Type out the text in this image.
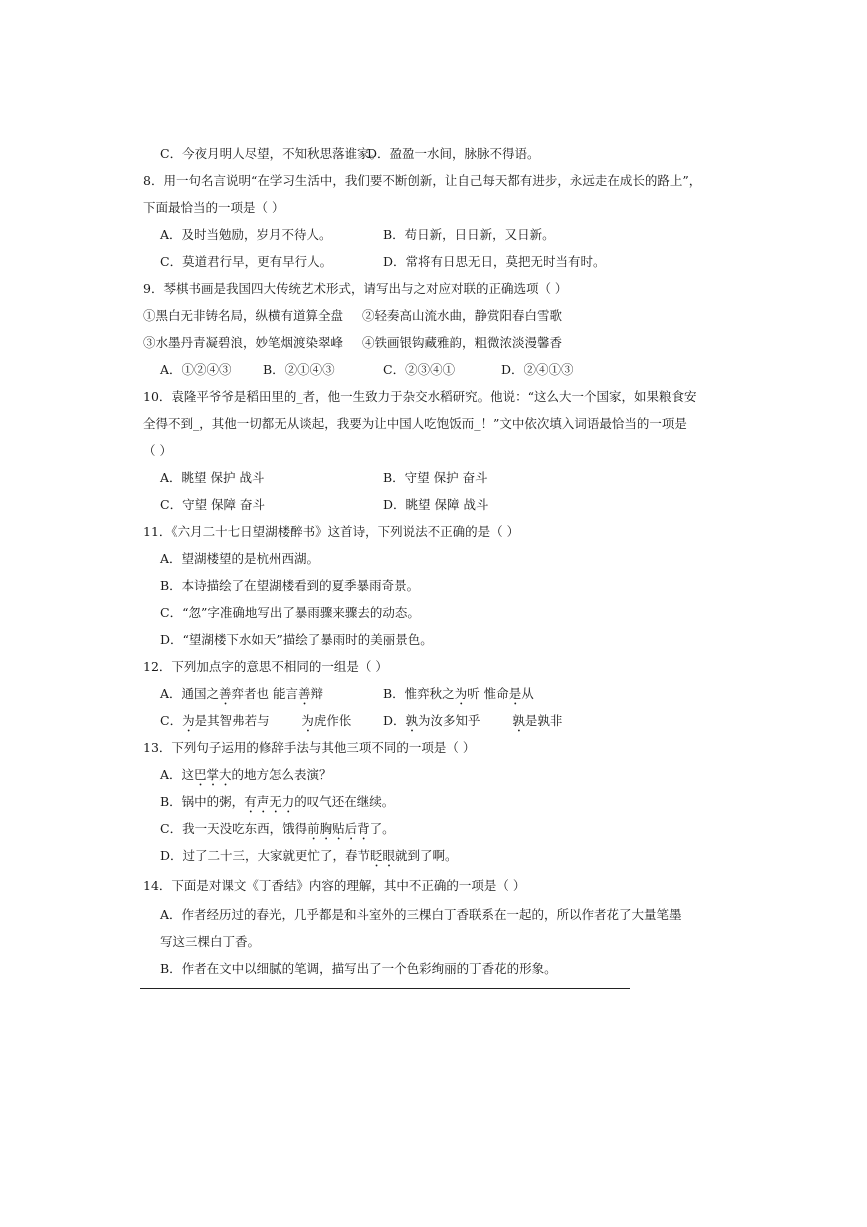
C．今夜月明人尽望，不知秋思落谁家。
D．盈盈一水间，脉脉不得语。
8．用一句名言说明“在学习生活中，我们要不断创新，让自己每天都有进步，永远走在成长的路上”，
下面最恰当的一项是（ ）
A．及时当勉励，岁月不待人。	B．苟日新，日日新，又日新。
C．莫道君行早，更有早行人。	D．常将有日思无日，莫把无时当有时。
9．琴棋书画是我国四大传统艺术形式，请写出与之对应对联的正确选项（ ）
①黑白无非铸名局，纵横有道算全盘 ②轻奏高山流水曲，静赏阳春白雪歌
③水墨丹青凝碧浪，妙笔烟渡染翠峰 ④铁画银钩藏雅韵，粗微浓淡漫馨香
A．①②④③	B．②①④③	C．②③④①	D．②④①③
10．袁隆平爷爷是稻田里的_者，他一生致力于杂交水稻研究。他说：“这么大一个国家，如果粮食安
全得不到_，其他一切都无从谈起，我要为让中国人吃饱饭而_！”文中依次填入词语最恰当的一项是
（ ）
A．眺望 保护 战斗	B．守望 保护 奋斗
C．守望 保障 奋斗	D．眺望 保障 战斗
11．《六月二十七日望湖楼醉书》这首诗，下列说法不正确的是（ ）
A．望湖楼望的是杭州西湖。
B．本诗描绘了在望湖楼看到的夏季暴雨奇景。
C．“忽”字准确地写出了暴雨骤来骤去的动态。
D．“望湖楼下水如天”描绘了暴雨时的美丽景色。
12．下列加点字的意思不相同的一组是（ ）
A．通国之善弈者也 能言善辩	B．惟弈秋之为听 惟命是从
C．为是其智弗若与        为虎作伥	D．孰为汝多知乎        孰是孰非
13．下列句子运用的修辞手法与其他三项不同的一项是（ ）
A．这巴掌大的地方怎么表演？
B．锅中的粥，有声无力的叹气还在继续。
C．我一天没吃东西，饿得前胸贴后背了。
D．过了二十三，大家就更忙了，春节眨眼就到了啊。
14．下面是对课文《丁香结》内容的理解，其中不正确的一项是（ ）
A．作者经历过的春光，几乎都是和斗室外的三棵白丁香联系在一起的，所以作者花了大量笔墨
写这三棵白丁香。
B．作者在文中以细腻的笔调，描写出了一个色彩绚丽的丁香花的形象。
